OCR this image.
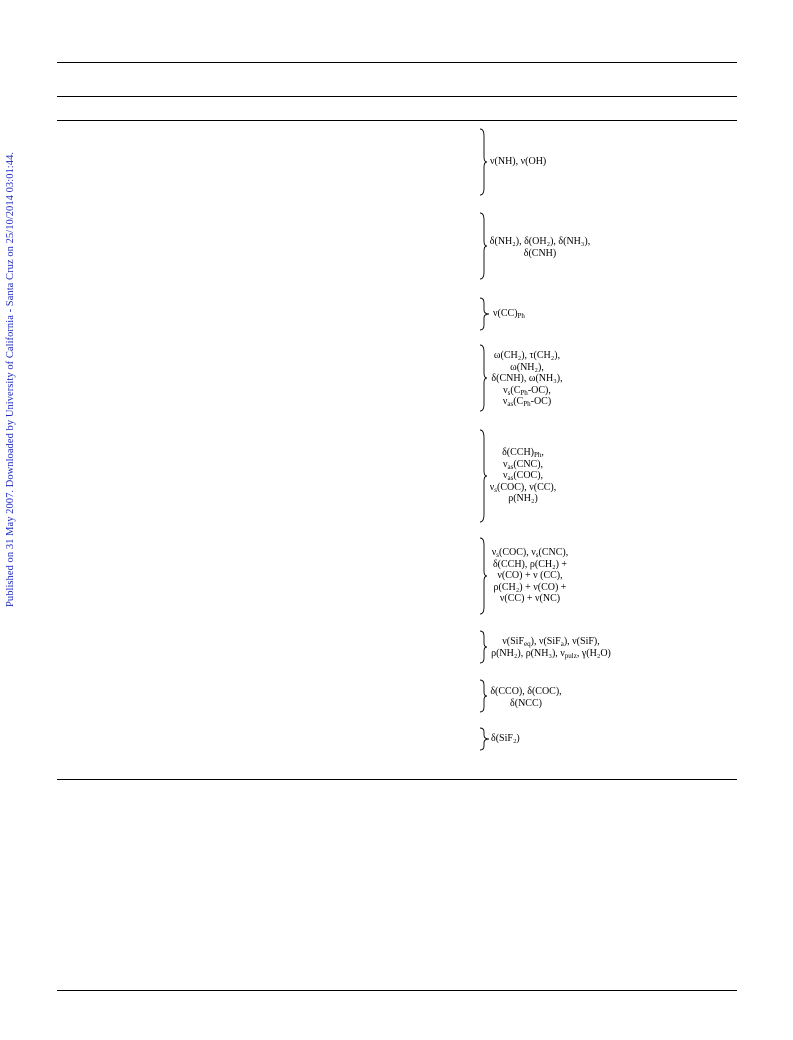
Published on 31 May 2007. Downloaded by University of California - Santa Cruz on 25/10/2014 03:01:44.	ν(NH), ν(OH)
δ(NH₂), δ(OH₂), δ(NH₃),
δ(CNH)
$\nu(CC)_{Ph}$
ω(CH₂), τ(CH₂),
ω(NH₂),
δ(CNH), ω(NH₃),
$\nu_s(C_{Ph}-OC)$,
$\nu_{as}(C_{Ph}-OC)$
$\delta(CCH)_{Ph}$,
$\nu_{as}(CNC)$,
$\nu_{as}(COC)$,
$\nu_s(COC)$, ν(CC),
ρ(NH₂)
$\nu_s(COC)$, $\nu_s(CNC)$,
δ(CCH), ρ(CH₂) +
ν(CO) + ν (CC),
ρ(CH₂) + ν(CO) +
ν(CC) + ν(NC)
ν(SiF$_{eq}$), ν(SiF$_a$), ν(SiF),
ρ(NH₂), ρ(NH₃), $\nu_{pulz}$, γ(H₂O)
δ(CCO), δ(COC),
δ(NCC)
δ(SiF₂)
